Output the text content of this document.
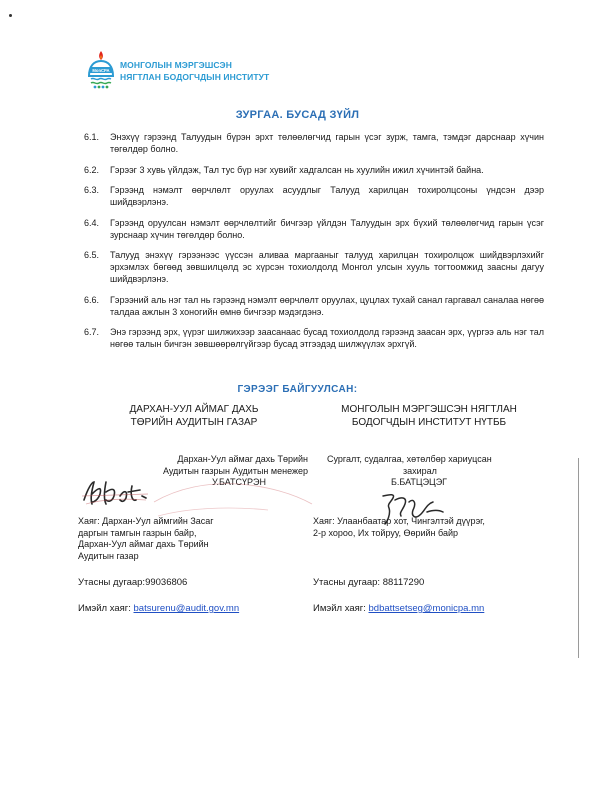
MonCPA
МОНГОЛЫН МЭРГЭШСЭН
НЯГТЛАН БОДОГЧДЫН ИНСТИТУТ
ЗУРГАА. БУСАД ЗҮЙЛ
6.1.	Энэхүү гэрээнд Талуудын бүрэн эрхт төлөөлөгчид гарын үсэг зурж, тамга, тэмдэг дарснаар хүчин төгөлдөр болно.
6.2.	Гэрээг 3 хувь үйлдэж, Тал тус бүр нэг хувийг хадгалсан нь хуулийн ижил хүчинтэй байна.
6.3.	Гэрээнд нэмэлт өөрчлөлт оруулах асуудлыг Талууд харилцан тохиролцсоны үндсэн дээр шийдвэрлэнэ.
6.4.	Гэрээнд оруулсан нэмэлт өөрчлөлтийг бичгээр үйлдэн Талуудын эрх бүхий төлөөлөгчид гарын үсэг зурснаар хүчин төгөлдөр болно.
6.5.	Талууд энэхүү гэрээнээс үүссэн аливаа маргааныг талууд харилцан тохиролцож шийдвэрлэхийг эрхэмлэх бөгөөд зөвшилцөлд эс хүрсэн тохиолдолд Монгол улсын хууль тогтоомжид заасны дагуу шийдвэрлэнэ.
6.6.	Гэрээний аль нэг тал нь гэрээнд нэмэлт өөрчлөлт оруулах, цуцлах тухай санал гаргавал саналаа нөгөө талдаа ажлын 3 хоногийн өмнө бичгээр мэдэгдэнэ.
6.7.	Энэ гэрээнд эрх, үүрэг шилжихээр заасанаас бусад тохиолдолд гэрээнд заасан эрх, үүргээ аль нэг тал нөгөө талын бичгэн зөвшөөрөлгүйгээр бусад этгээдэд шилжүүлэх эрхгүй.
ГЭРЭЭГ БАЙГУУЛСАН:
ДАРХАН-УУЛ АЙМАГ ДАХЬ
ТӨРИЙН АУДИТЫН ГАЗАР
Дархан-Уул аймаг дахь Төрийн
Аудитын газрын Аудитын менежер
У.БАТСҮРЭН
Хаяг: Дархан-Уул аймгийн Засаг
даргын тамгын газрын байр,
Дархан-Уул аймаг дахь Төрийн
Аудитын газар
Утасны дугаар:99036806
Имэйл хаяг: batsurenu@audit.gov.mn
МОНГОЛЫН МЭРГЭШСЭН НЯГТЛАН
БОДОГЧДЫН ИНСТИТУТ НҮТББ
Сургалт, судалгаа, хөтөлбөр хариуцсан
захирал
Б.БАТЦЭЦЭГ
Хаяг: Улаанбаатар хот, Чингэлтэй дүүрэг,
2-р хороо, Их тойруу, Өөрийн байр
Утасны дугаар: 88117290
Имэйл хаяг: bdbattsetseg@monicpa.mn
